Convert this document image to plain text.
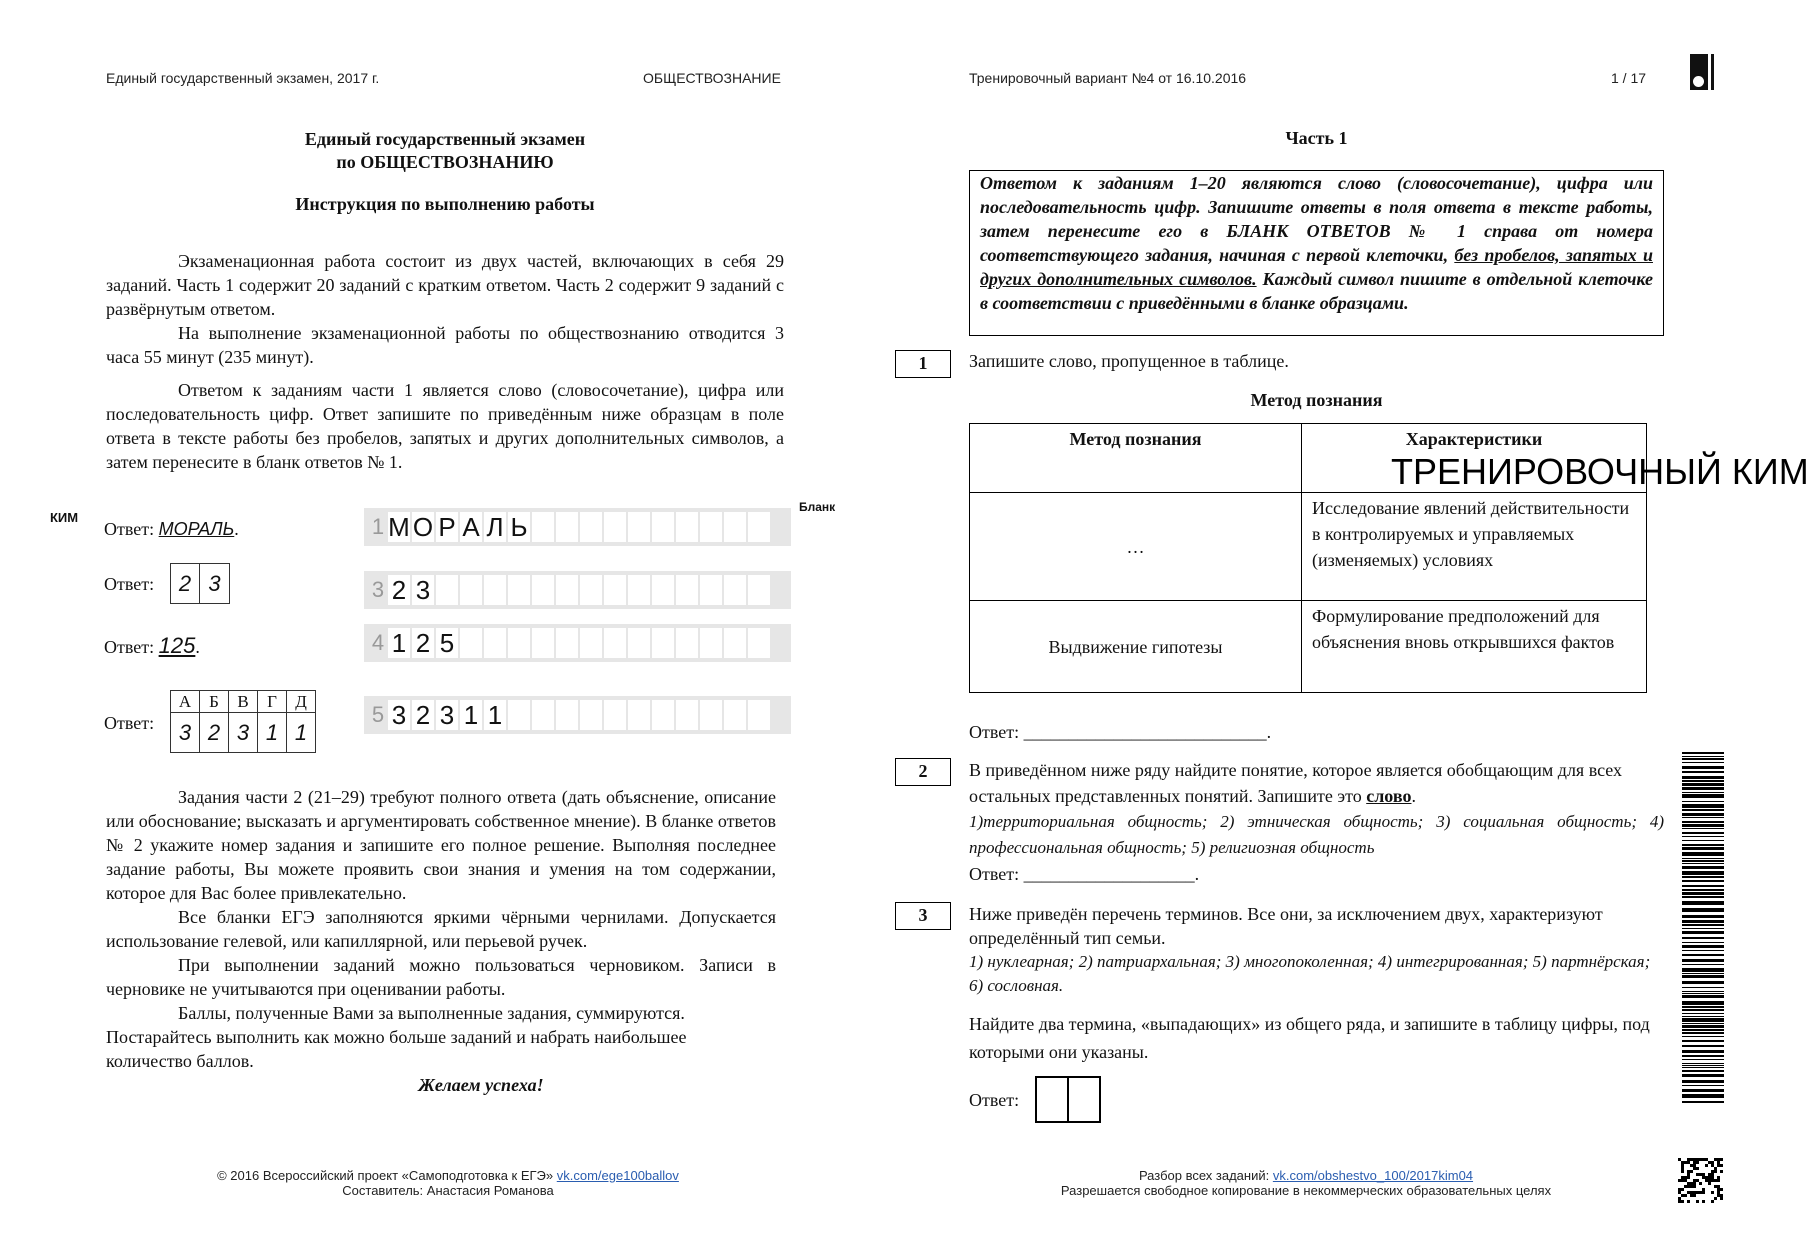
Единый государственный экзамен, 2017 г.	ОБЩЕСТВОЗНАНИЕ	Тренировочный вариант №4 от 16.10.2016	1 / 17
Единый государственный экзамен
по ОБЩЕСТВОЗНАНИЮ
Инструкция по выполнению работы

Экзаменационная работа состоит из двух частей, включающих в себя 29 заданий. Часть 1 содержит 20 заданий с кратким ответом. Часть 2 содержит 9 заданий с развёрнутым ответом.

На выполнение экзаменационной работы по обществознанию отводится 3 часа 55 минут (235 минут).

Ответом к заданиям части 1 является слово (словосочетание), цифра или последовательность цифр. Ответ запишите по приведённым ниже образцам в поле ответа в тексте работы без пробелов, запятых и других дополнительных символов, а затем перенесите в бланк ответов № 1.

КИМ
Бланк
Ответ: МОРАЛЬ.	1 М О Р А Л Ь
Ответ:	2 3	3 2 3
Ответ: 125.	4 1 2 5
Ответ:
А	Б	В	Г	Д
3	2	3	1	1
5 3 2 3 1 1

Задания части 2 (21–29) требуют полного ответа (дать объяснение, описание или обоснование; высказать и аргументировать собственное мнение). В бланке ответов № 2 укажите номер задания и запишите его полное решение. Выполняя последнее задание работы, Вы можете проявить свои знания и умения на том содержании, которое для Вас более привлекательно.

Все бланки ЕГЭ заполняются яркими чёрными чернилами. Допускается использование гелевой, или капиллярной, или перьевой ручек.

При выполнении заданий можно пользоваться черновиком. Записи в черновике не учитываются при оценивании работы.

Баллы, полученные Вами за выполненные задания, суммируются. Постарайтесь выполнить как можно больше заданий и набрать наибольшее количество баллов.

Желаем успеха!

Часть 1
Ответом к заданиям 1–20 являются слово (словосочетание), цифра или последовательность цифр. Запишите ответы в поля ответа в тексте работы, затем перенесите его в БЛАНК ОТВЕТОВ № 1 справа от номера соответствующего задания, начиная с первой клеточки, без пробелов, запятых и других дополнительных символов. Каждый символ пишите в отдельной клеточке в соответствии с приведёнными в бланке образцами.
1	Запишите слово, пропущенное в таблице.
Метод познания
Метод познания	Характеристики
…	Исследование явлений действительности в контролируемых и управляемых (изменяемых) условиях
Выдвижение гипотезы	Формулирование предположений для объяснения вновь открывшихся фактов
ТРЕНИРОВОЧНЫЙ КИМ
Ответ: ___________________________.
2	В приведённом ниже ряду найдите понятие, которое является обобщающим для всех остальных представленных понятий. Запишите это слово.

1)территориальная общность; 2) этническая общность; 3) социальная общность; 4) профессиональная общность; 5) религиозная общность

Ответ: ___________________.

3	Ниже приведён перечень терминов. Все они, за исключением двух, характеризуют определённый тип семьи.

1) нуклеарная; 2) патриархальная; 3) многопоколенная; 4) интегрированная; 5) партнёрская; 6) сословная.

Найдите два термина, «выпадающих» из общего ряда, и запишите в таблицу цифры, под которыми они указаны.

Ответ:
© 2016 Всероссийский проект «Самоподготовка к ЕГЭ» vk.com/ege100ballov
Составитель: Анастасия Романова
Разбор всех заданий: vk.com/obshestvo_100/2017kim04
Разрешается свободное копирование в некоммерческих образовательных целях
